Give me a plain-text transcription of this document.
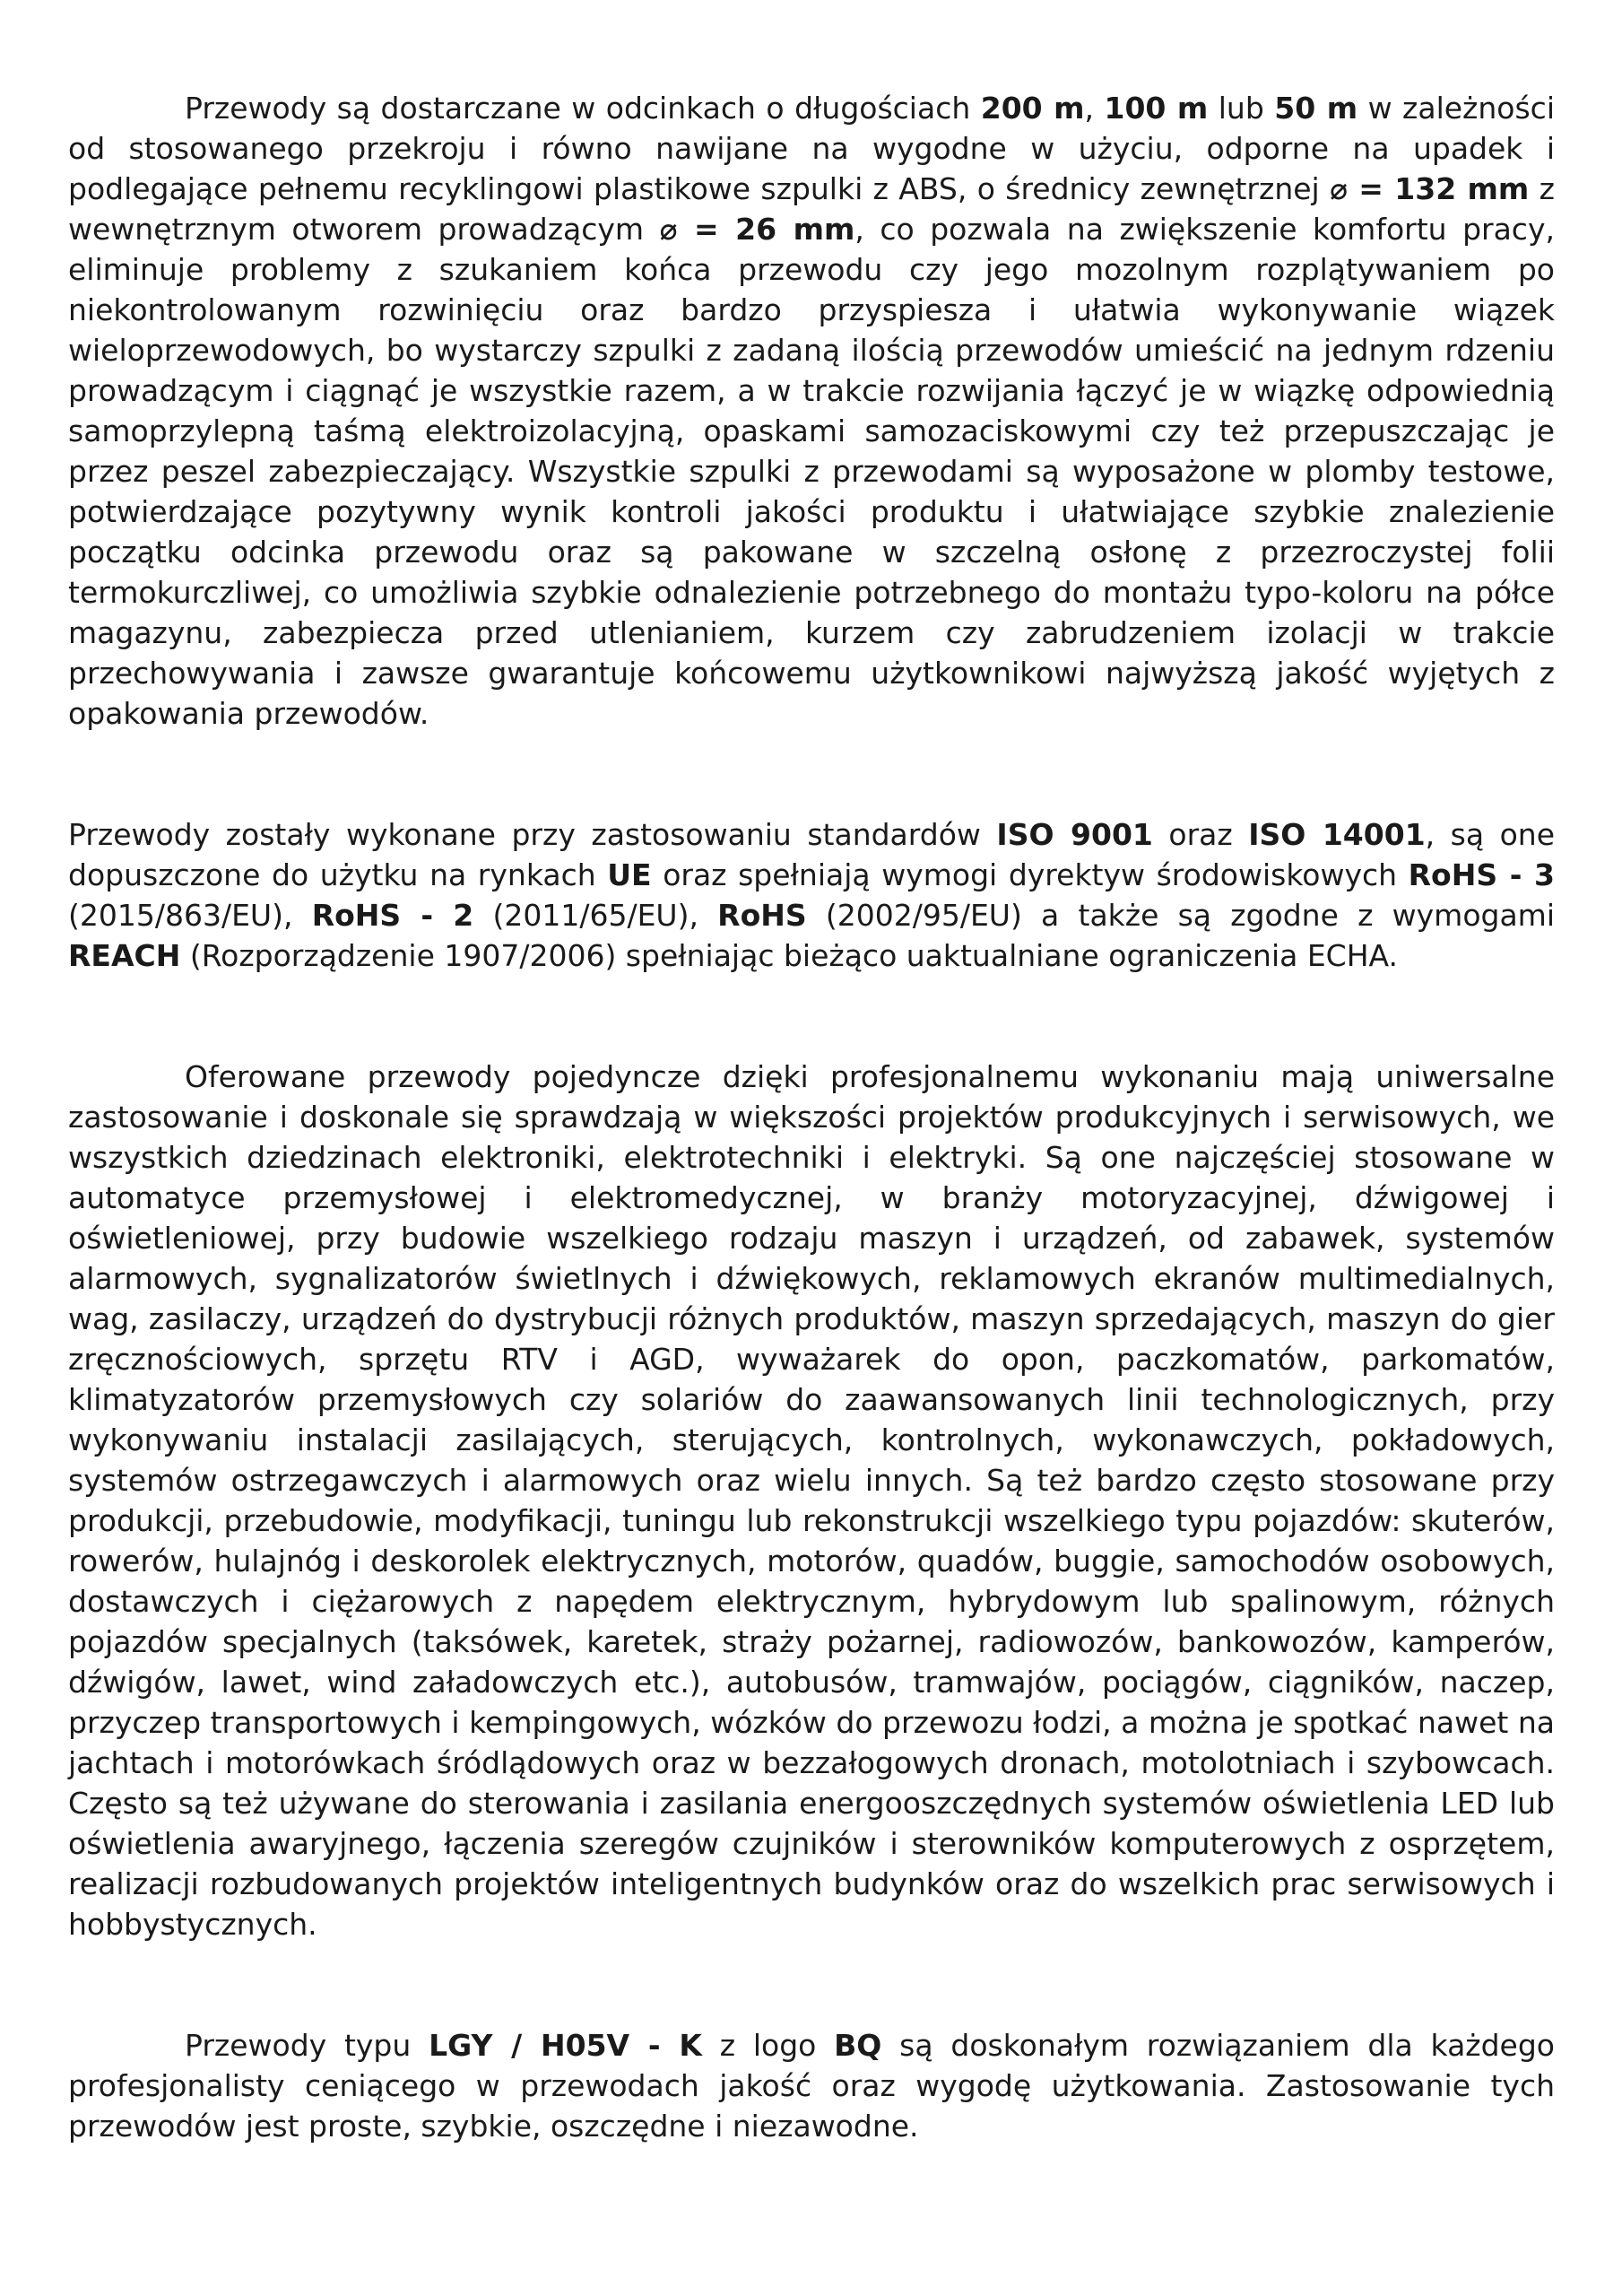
Przewody są dostarczane w odcinkach o długościach 200 m, 100 m lub 50 m w zależności od stosowanego przekroju i równo nawijane na wygodne w użyciu, odporne na upadek i podlegające pełnemu recyklingowi plastikowe szpulki z ABS, o średnicy zewnętrznej ⌀ = 132 mm z wewnętrznym otworem prowadzącym ⌀ = 26 mm, co pozwala na zwiększenie komfortu pracy, eliminuje problemy z szukaniem końca przewodu czy jego mozolnym rozplątywaniem po niekontrolowanym rozwinięciu oraz bardzo przyspiesza i ułatwia wykonywanie wiązek wieloprzewodowych, bo wystarczy szpulki z zadaną ilością przewodów umieścić na jednym rdzeniu prowadzącym i ciągnąć je wszystkie razem, a w trakcie rozwijania łączyć je w wiązkę odpowiednią samoprzylepną taśmą elektroizolacyjną, opaskami samozaciskowymi czy też przepuszczając je przez peszel zabezpieczający. Wszystkie szpulki z przewodami są wyposażone w plomby testowe, potwierdzające pozytywny wynik kontroli jakości produktu i ułatwiające szybkie znalezienie początku odcinka przewodu oraz są pakowane w szczelną osłonę z przezroczystej folii termokurczliwej, co umożliwia szybkie odnalezienie potrzebnego do montażu typo-koloru na półce magazynu, zabezpiecza przed utlenianiem, kurzem czy zabrudzeniem izolacji w trakcie przechowywania i zawsze gwarantuje końcowemu użytkownikowi najwyższą jakość wyjętych z opakowania przewodów.

Przewody zostały wykonane przy zastosowaniu standardów ISO 9001 oraz ISO 14001, są one dopuszczone do użytku na rynkach UE oraz spełniają wymogi dyrektyw środowiskowych RoHS - 3 (2015/863/EU), RoHS - 2 (2011/65/EU), RoHS (2002/95/EU) a także są zgodne z wymogami REACH (Rozporządzenie 1907/2006) spełniając bieżąco uaktualniane ograniczenia ECHA.

Oferowane przewody pojedyncze dzięki profesjonalnemu wykonaniu mają uniwersalne zastosowanie i doskonale się sprawdzają w większości projektów produkcyjnych i serwisowych, we wszystkich dziedzinach elektroniki, elektrotechniki i elektryki. Są one najczęściej stosowane w automatyce przemysłowej i elektromedycznej, w branży motoryzacyjnej, dźwigowej i oświetleniowej, przy budowie wszelkiego rodzaju maszyn i urządzeń, od zabawek, systemów alarmowych, sygnalizatorów świetlnych i dźwiękowych, reklamowych ekranów multimedialnych, wag, zasilaczy, urządzeń do dystrybucji różnych produktów, maszyn sprzedających, maszyn do gier zręcznościowych, sprzętu RTV i AGD, wyważarek do opon, paczkomatów, parkomatów, klimatyzatorów przemysłowych czy solariów do zaawansowanych linii technologicznych, przy wykonywaniu instalacji zasilających, sterujących, kontrolnych, wykonawczych, pokładowych, systemów ostrzegawczych i alarmowych oraz wielu innych. Są też bardzo często stosowane przy produkcji, przebudowie, modyfikacji, tuningu lub rekonstrukcji wszelkiego typu pojazdów: skuterów, rowerów, hulajnóg i deskorolek elektrycznych, motorów, quadów, buggie, samochodów osobowych, dostawczych i ciężarowych z napędem elektrycznym, hybrydowym lub spalinowym, różnych pojazdów specjalnych (taksówek, karetek, straży pożarnej, radiowozów, bankowozów, kamperów, dźwigów, lawet, wind załadowczych etc.), autobusów, tramwajów, pociągów, ciągników, naczep, przyczep transportowych i kempingowych, wózków do przewozu łodzi, a można je spotkać nawet na jachtach i motorówkach śródlądowych oraz w bezzałogowych dronach, motolotniach i szybowcach. Często są też używane do sterowania i zasilania energooszczędnych systemów oświetlenia LED lub oświetlenia awaryjnego, łączenia szeregów czujników i sterowników komputerowych z osprzętem, realizacji rozbudowanych projektów inteligentnych budynków oraz do wszelkich prac serwisowych i hobbystycznych.

Przewody typu LGY / H05V - K z logo BQ są doskonałym rozwiązaniem dla każdego profesjonalisty ceniącego w przewodach jakość oraz wygodę użytkowania. Zastosowanie tych przewodów jest proste, szybkie, oszczędne i niezawodne.
